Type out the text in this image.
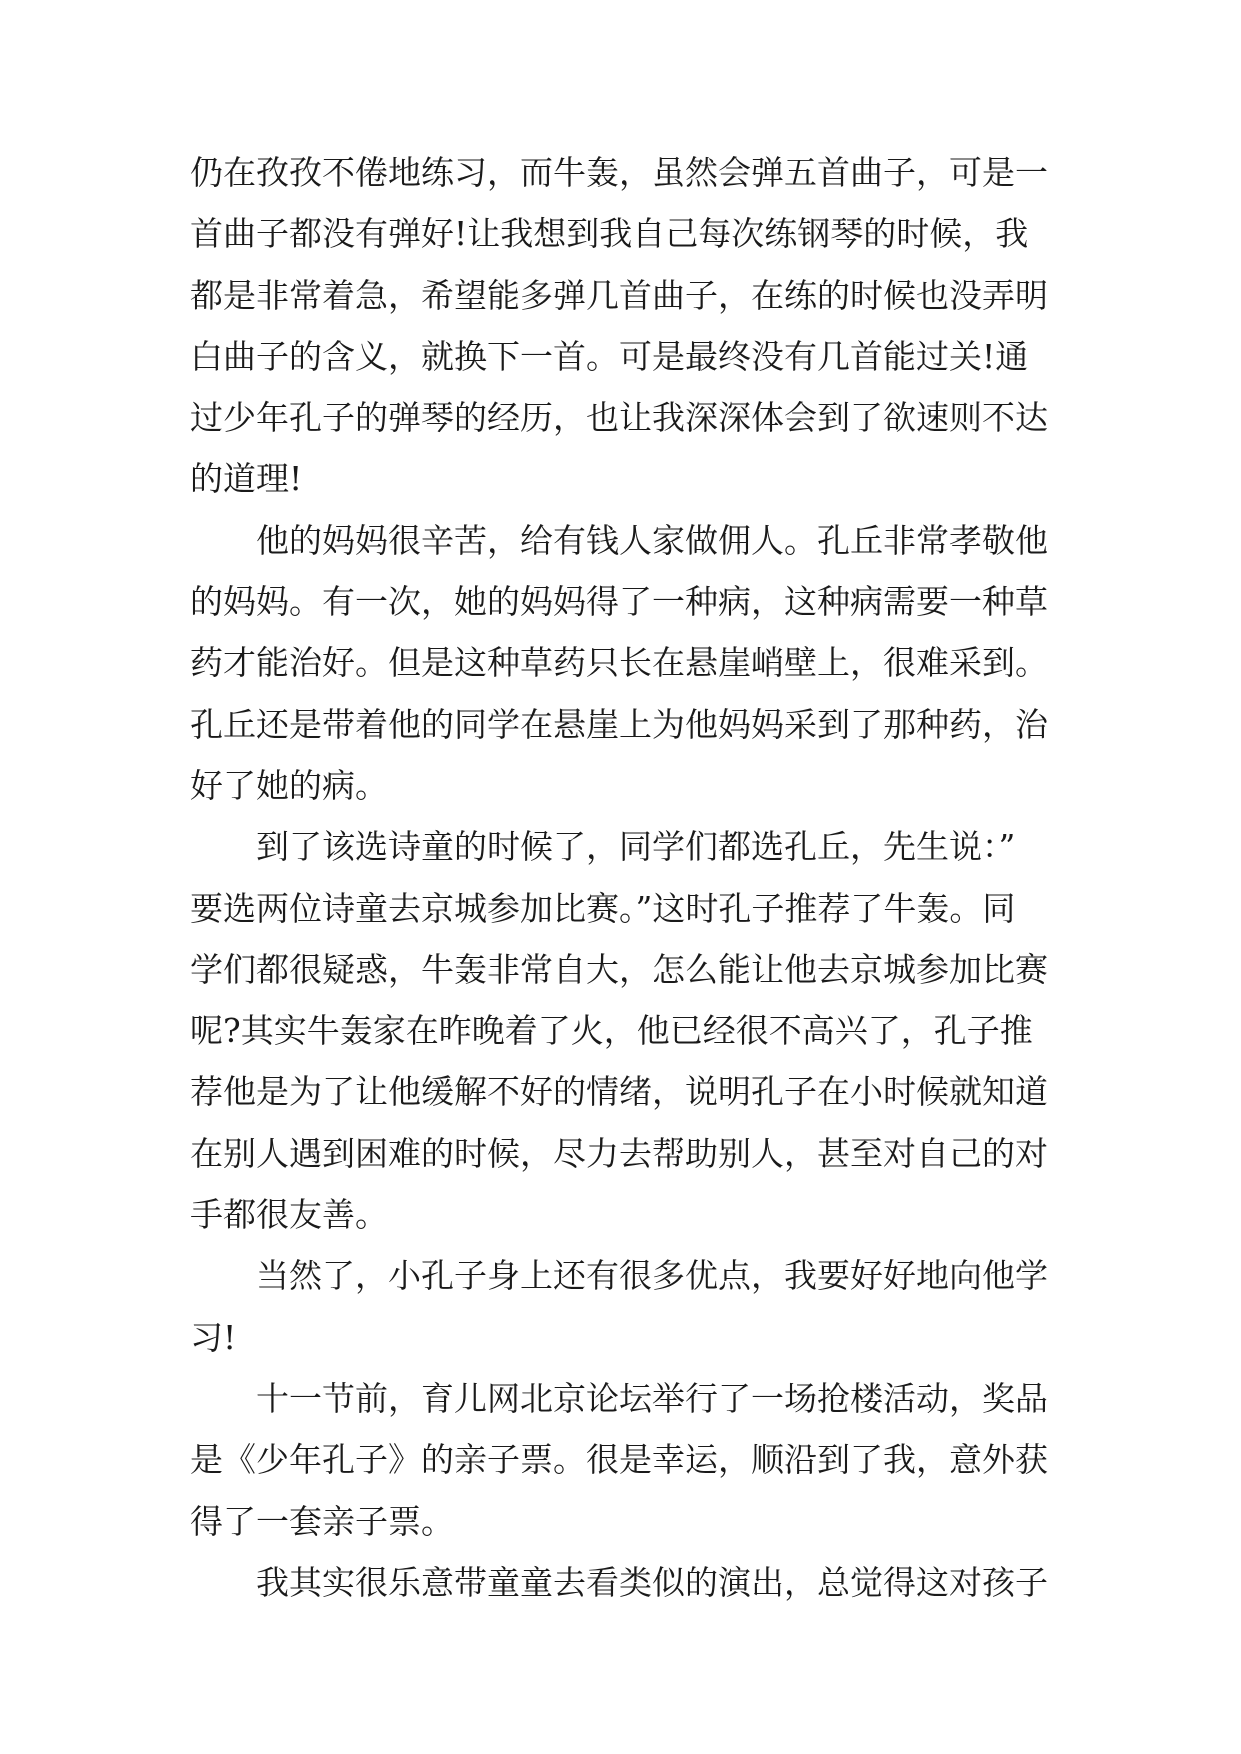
仍在孜孜不倦地练习，而牛轰，虽然会弹五首曲子，可是一
首曲子都没有弹好!让我想到我自己每次练钢琴的时候，我
都是非常着急，希望能多弹几首曲子，在练的时候也没弄明
白曲子的含义，就换下一首。可是最终没有几首能过关!通
过少年孔子的弹琴的经历，也让我深深体会到了欲速则不达
的道理!
他的妈妈很辛苦，给有钱人家做佣人。孔丘非常孝敬他
的妈妈。有一次，她的妈妈得了一种病，这种病需要一种草
药才能治好。但是这种草药只长在悬崖峭壁上，很难采到。
孔丘还是带着他的同学在悬崖上为他妈妈采到了那种药，治
好了她的病。
到了该选诗童的时候了，同学们都选孔丘，先生说：”
要选两位诗童去京城参加比赛。”这时孔子推荐了牛轰。同
学们都很疑惑，牛轰非常自大，怎么能让他去京城参加比赛
呢?其实牛轰家在昨晚着了火，他已经很不高兴了，孔子推
荐他是为了让他缓解不好的情绪，说明孔子在小时候就知道
在别人遇到困难的时候，尽力去帮助别人，甚至对自己的对
手都很友善。
当然了，小孔子身上还有很多优点，我要好好地向他学
习!
十一节前，育儿网北京论坛举行了一场抢楼活动，奖品
是《少年孔子》的亲子票。很是幸运，顺沿到了我，意外获
得了一套亲子票。
我其实很乐意带童童去看类似的演出，总觉得这对孩子
